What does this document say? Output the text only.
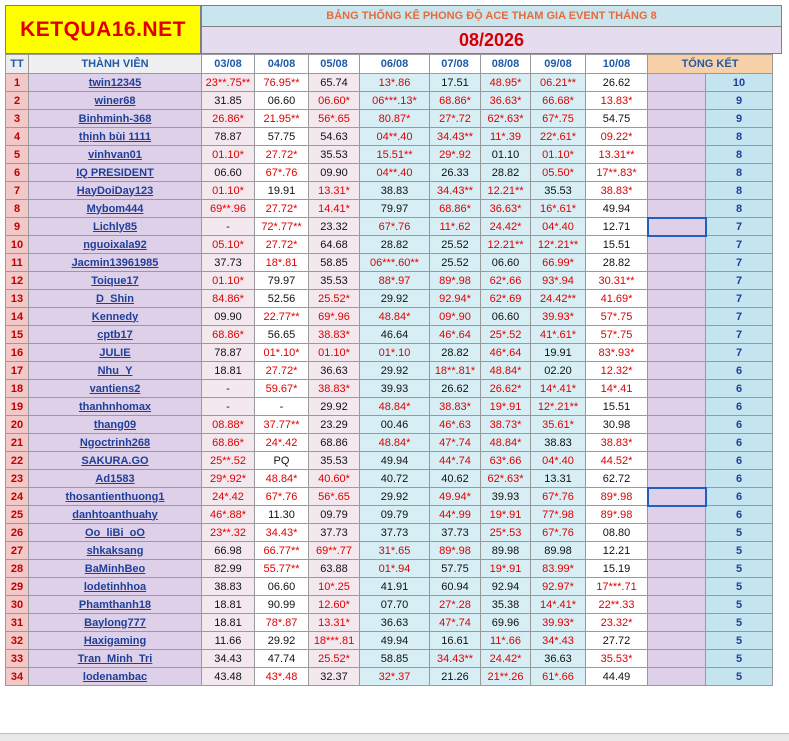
KETQUA16.NET
BẢNG THỐNG KÊ PHONG ĐỘ ACE THAM GIA EVENT THÁNG 8
08/2026
TT	THÀNH VIÊN	03/08	04/08	05/08	06/08	07/08	08/08	09/08	10/08	TỔNG KẾT	
1	twin12345	23**.75**	76.95**	65.74	13*.86	17.51	48.95*	06.21**	26.62		10
2	winer68	31.85	06.60	06.60*	06***.13*	68.86*	36.63*	66.68*	13.83*		9
3	Binhminh-368	26.86*	21.95**	56*.65	80.87*	27*.72	62*.63*	67*.75	54.75		9
4	thịnh bùi 1111	78.87	57.75	54.63	04**.40	34.43**	11*.39	22*.61*	09.22*		8
5	vinhvan01	01.10*	27.72*	35.53	15.51**	29*.92	01.10	01.10*	13.31**		8
6	IQ PRESIDENT	06.60	67*.76	09.90	04**.40	26.33	28.82	05.50*	17**.83*		8
7	HayDoiDay123	01.10*	19.91	13.31*	38.83	34.43**	12.21**	35.53	38.83*		8
8	Mybom444	69**.96	27.72*	14.41*	79.97	68.86*	36.63*	16*.61*	49.94		8
9	Lichly85	-	72*.77**	23.32	67*.76	11*.62	24.42*	04*.40	12.71		7
10	nguoixala92	05.10*	27.72*	64.68	28.82	25.52	12.21**	12*.21**	15.51		7
11	Jacmin13961985	37.73	18*.81	58.85	06***.60**	25.52	06.60	66.99*	28.82		7
12	Toique17	01.10*	79.97	35.53	88*.97	89*.98	62*.66	93*.94	30.31**		7
13	D_Shin	84.86*	52.56	25.52*	29.92	92.94*	62*.69	24.42**	41.69*		7
14	Kennedy	09.90	22.77**	69*.96	48.84*	09*.90	06.60	39.93*	57*.75		7
15	cptb17	68.86*	56.65	38.83*	46.64	46*.64	25*.52	41*.61*	57*.75		7
16	JULIE	78.87	01*.10*	01.10*	01*.10	28.82	46*.64	19.91	83*.93*		7
17	Nhu_Y	18.81	27.72*	36.63	29.92	18**.81*	48.84*	02.20	12.32*		6
18	vantiens2	-	59.67*	38.83*	39.93	26.62	26.62*	14*.41*	14*.41		6
19	thanhnhomax	-	-	29.92	48.84*	38.83*	19*.91	12*.21**	15.51		6
20	thang09	08.88*	37.77**	23.29	00.46	46*.63	38.73*	35.61*	30.98		6
21	Ngoctrinh268	68.86*	24*.42	68.86	48.84*	47*.74	48.84*	38.83	38.83*		6
22	SAKURA.GO	25**.52	PQ	35.53	49.94	44*.74	63*.66	04*.40	44.52*		6
23	Ad1583	29*.92*	48.84*	40.60*	40.72	40.62	62*.63*	13.31	62.72		6
24	thosantienthuong1	24*.42	67*.76	56*.65	29.92	49.94*	39.93	67*.76	89*.98		6
25	danhtoanthuahy	46*.88*	11.30	09.79	09.79	44*.99	19*.91	77*.98	89*.98		6
26	Oo_liBi_oO	23**.32	34.43*	37.73	37.73	37.73	25*.53	67*.76	08.80		5
27	shkaksang	66.98	66.77**	69**.77	31*.65	89*.98	89.98	89.98	12.21		5
28	BaMinhBeo	82.99	55.77**	63.88	01*.94	57.75	19*.91	83.99*	15.19		5
29	lodetinhhoa	38.83	06.60	10*.25	41.91	60.94	92.94	92.97*	17***.71		5
30	Phamthanh18	18.81	90.99	12.60*	07.70	27*.28	35.38	14*.41*	22**.33		5
31	Baylong777	18.81	78*.87	13.31*	36.63	47*.74	69.96	39.93*	23.32*		5
32	Haxigaming	11.66	29.92	18***.81	49.94	16.61	11*.66	34*.43	27.72		5
33	Tran_Minh_Tri	34.43	47.74	25.52*	58.85	34.43**	24.42*	36.63	35.53*		5
34	lodenambac	43.48	43*.48	32.37	32*.37	21.26	21**.26	61*.66	44.49		5
